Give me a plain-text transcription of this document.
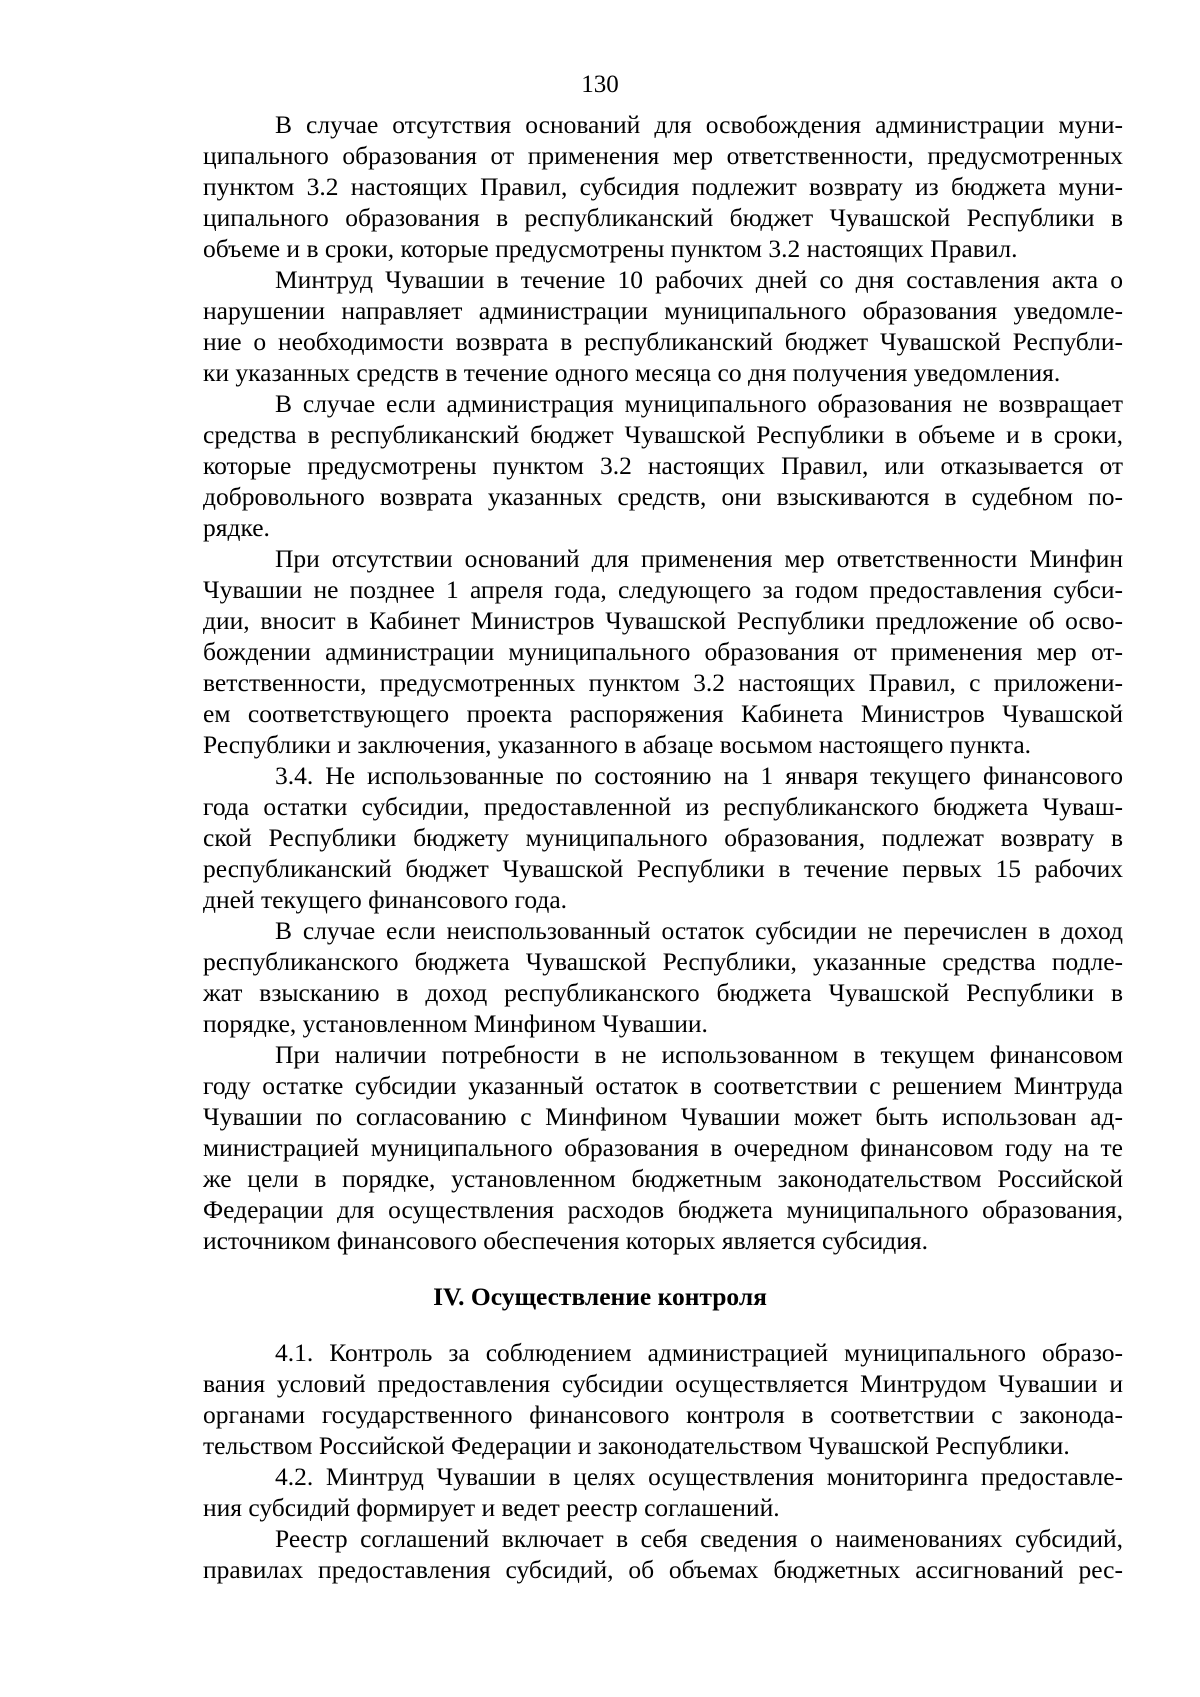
130
В случае отсутствия оснований для освобождения администрации муни-
ципального образования от применения мер ответственности, предусмотренных
пунктом 3.2 настоящих Правил, субсидия подлежит возврату из бюджета муни-
ципального образования в республиканский бюджет Чувашской Республики в
объеме и в сроки, которые предусмотрены пунктом 3.2 настоящих Правил.
Минтруд Чувашии в течение 10 рабочих дней со дня составления акта о
нарушении направляет администрации муниципального образования уведомле-
ние о необходимости возврата в республиканский бюджет Чувашской Республи-
ки указанных средств в течение одного месяца со дня получения уведомления.
В случае если администрация муниципального образования не возвращает
средства в республиканский бюджет Чувашской Республики в объеме и в сроки,
которые предусмотрены пунктом 3.2 настоящих Правил, или отказывается от
добровольного возврата указанных средств, они взыскиваются в судебном по-
рядке.
При отсутствии оснований для применения мер ответственности Минфин
Чувашии не позднее 1 апреля года, следующего за годом предоставления субси-
дии, вносит в Кабинет Министров Чувашской Республики предложение об осво-
бождении администрации муниципального образования от применения мер от-
ветственности, предусмотренных пунктом 3.2 настоящих Правил, с приложени-
ем соответствующего проекта распоряжения Кабинета Министров Чувашской
Республики и заключения, указанного в абзаце восьмом настоящего пункта.
3.4. Не использованные по состоянию на 1 января текущего финансового
года остатки субсидии, предоставленной из республиканского бюджета Чуваш-
ской Республики бюджету муниципального образования, подлежат возврату в
республиканский бюджет Чувашской Республики в течение первых 15 рабочих
дней текущего финансового года.
В случае если неиспользованный остаток субсидии не перечислен в доход
республиканского бюджета Чувашской Республики, указанные средства подле-
жат взысканию в доход республиканского бюджета Чувашской Республики в
порядке, установленном Минфином Чувашии.
При наличии потребности в не использованном в текущем финансовом
году остатке субсидии указанный остаток в соответствии с решением Минтруда
Чувашии по согласованию с Минфином Чувашии может быть использован ад-
министрацией муниципального образования в очередном финансовом году на те
же цели в порядке, установленном бюджетным законодательством Российской
Федерации для осуществления расходов бюджета муниципального образования,
источником финансового обеспечения которых является субсидия.
IV. Осуществление контроля
4.1. Контроль за соблюдением администрацией муниципального образо-
вания условий предоставления субсидии осуществляется Минтрудом Чувашии и
органами государственного финансового контроля в соответствии с законода-
тельством Российской Федерации и законодательством Чувашской Республики.
4.2. Минтруд Чувашии в целях осуществления мониторинга предоставле-
ния субсидий формирует и ведет реестр соглашений.
Реестр соглашений включает в себя сведения о наименованиях субсидий,
правилах предоставления субсидий, об объемах бюджетных ассигнований рес-
